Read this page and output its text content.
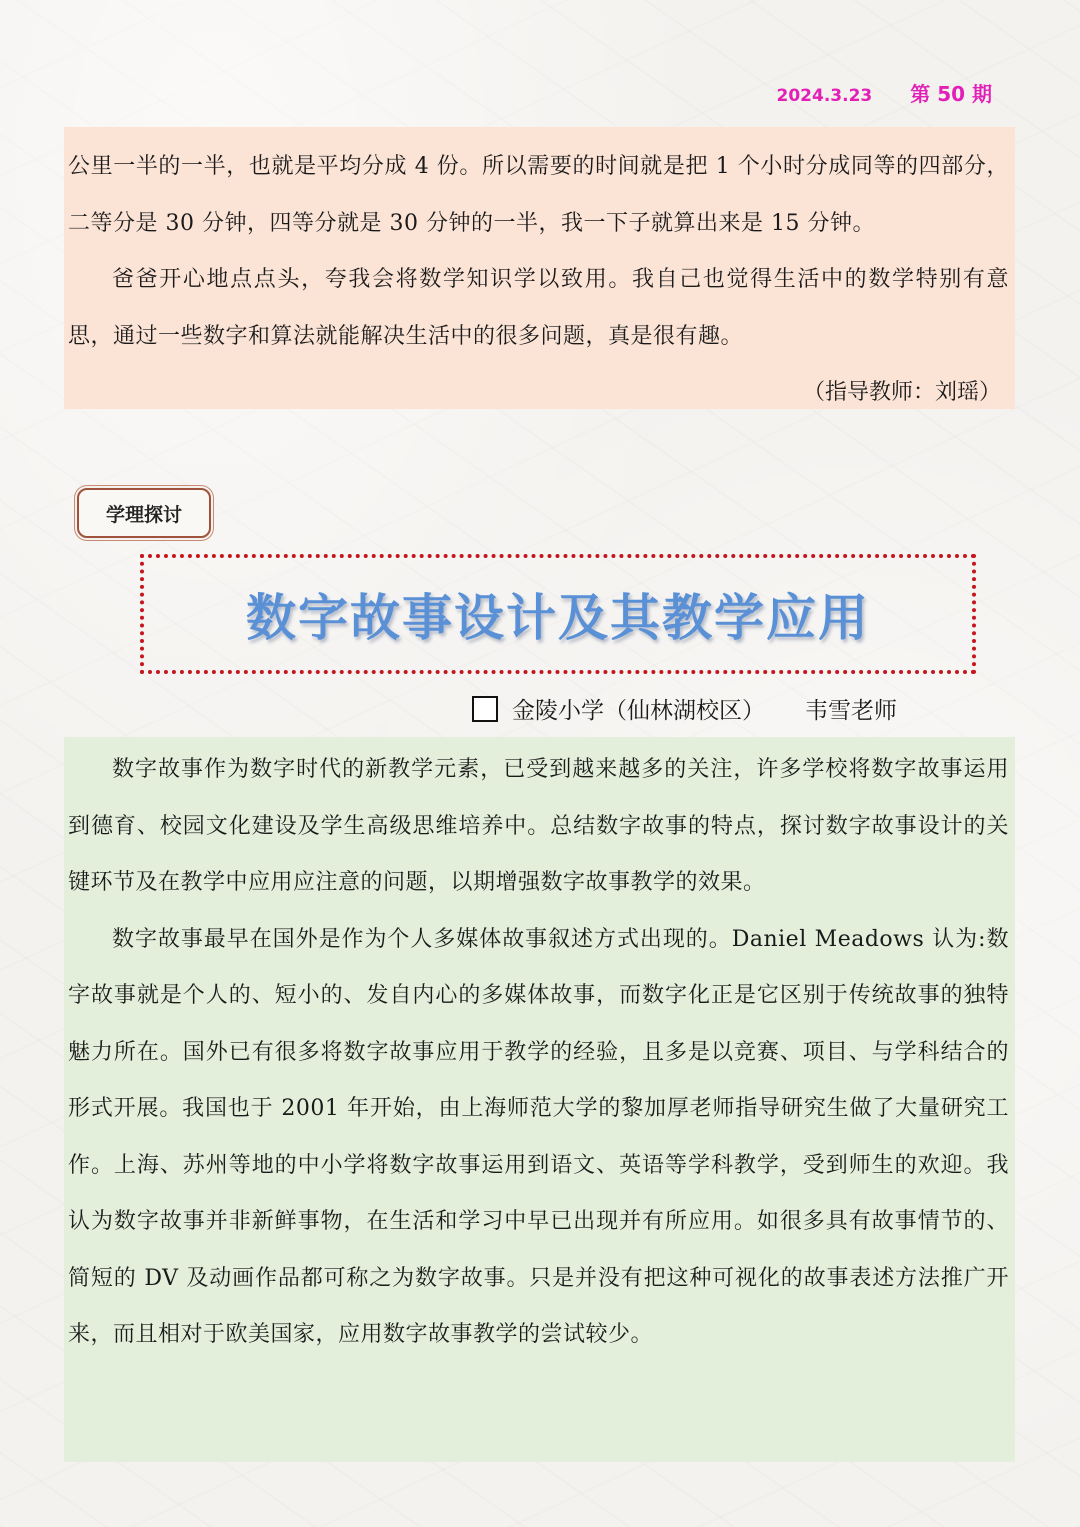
2024.3.23 第 50 期

公里一半的一半，也就是平均分成 4 份。所以需要的时间就是把 1 个小时分成同等的四部分，二等分是 30 分钟，四等分就是 30 分钟的一半，我一下子就算出来是 15 分钟。

爸爸开心地点点头，夸我会将数学知识学以致用。我自己也觉得生活中的数学特别有意思，通过一些数字和算法就能解决生活中的很多问题，真是很有趣。

（指导教师：刘瑶）
学理探讨
数字故事设计及其教学应用
金陵小学（仙林湖校区） 韦雪老师

数字故事作为数字时代的新教学元素，已受到越来越多的关注，许多学校将数字故事运用到德育、校园文化建设及学生高级思维培养中。总结数字故事的特点，探讨数字故事设计的关键环节及在教学中应用应注意的问题，以期增强数字故事教学的效果。

数字故事最早在国外是作为个人多媒体故事叙述方式出现的。Daniel Meadows 认为:数字故事就是个人的、短小的、发自内心的多媒体故事，而数字化正是它区别于传统故事的独特魅力所在。国外已有很多将数字故事应用于教学的经验，且多是以竞赛、项目、与学科结合的形式开展。我国也于 2001 年开始，由上海师范大学的黎加厚老师指导研究生做了大量研究工作。上海、苏州等地的中小学将数字故事运用到语文、英语等学科教学，受到师生的欢迎。我认为数字故事并非新鲜事物，在生活和学习中早已出现并有所应用。如很多具有故事情节的、简短的 DV 及动画作品都可称之为数字故事。只是并没有把这种可视化的故事表述方法推广开来，而且相对于欧美国家，应用数字故事教学的尝试较少。
